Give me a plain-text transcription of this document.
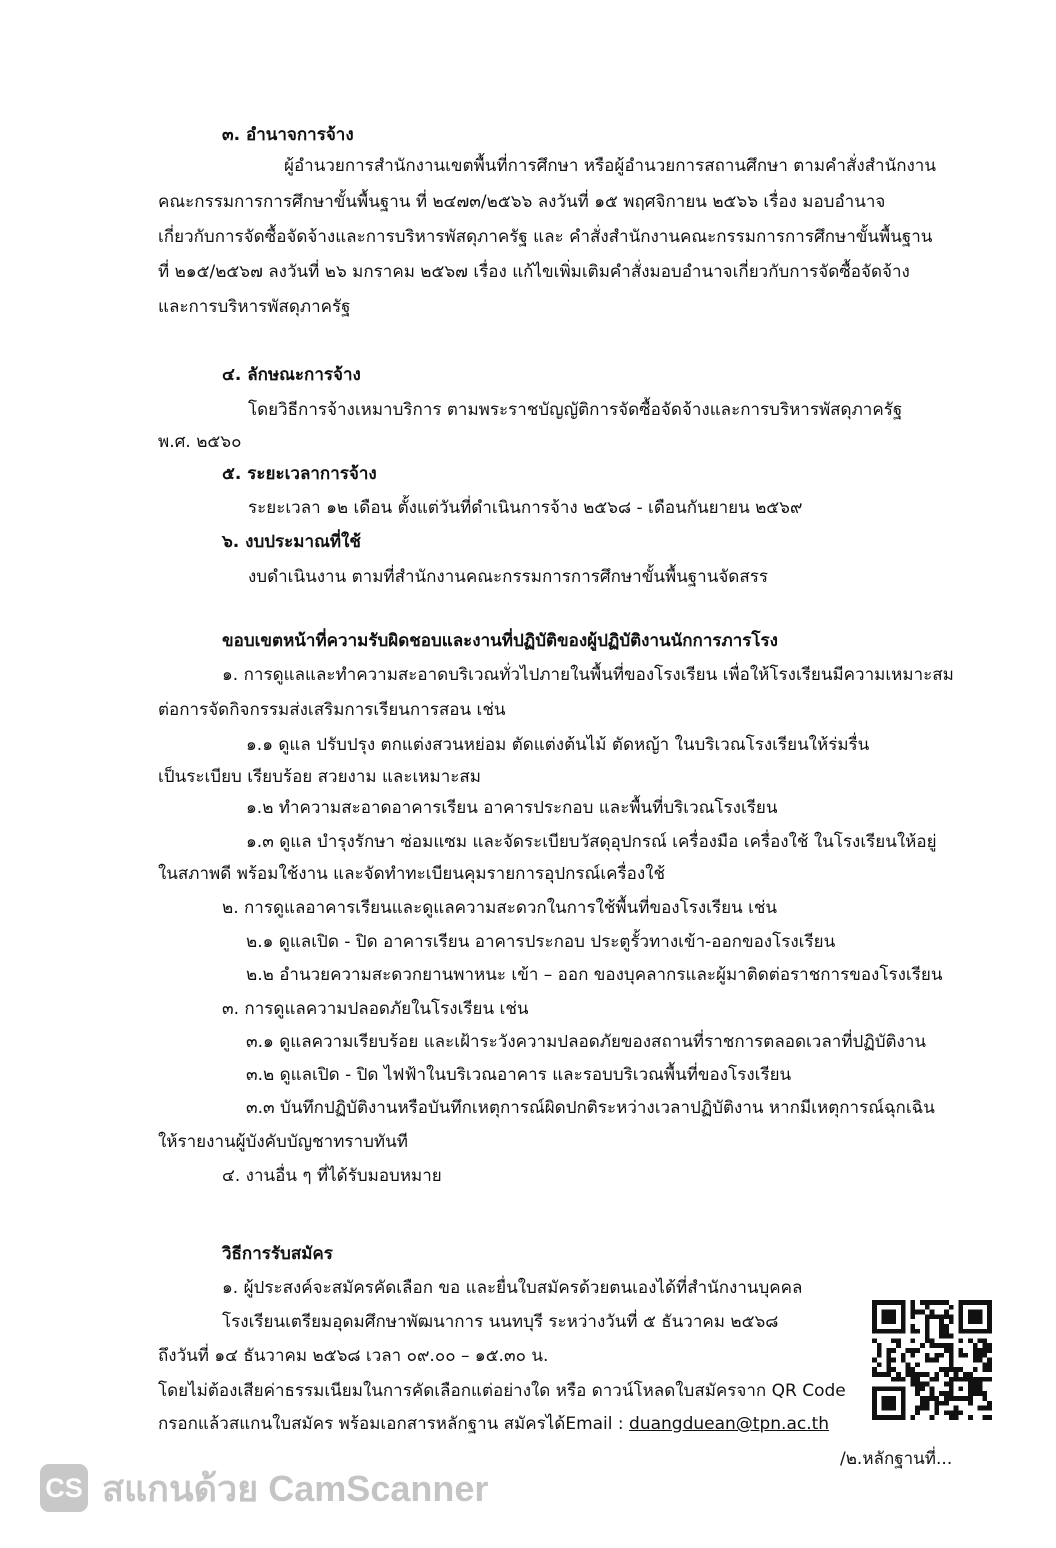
๓. อำนาจการจ้าง
ผู้อำนวยการสำนักงานเขตพื้นที่การศึกษา หรือผู้อำนวยการสถานศึกษา ตามคำสั่งสำนักงาน
คณะกรรมการการศึกษาขั้นพื้นฐาน ที่ ๒๔๗๓/๒๕๖๖ ลงวันที่ ๑๕ พฤศจิกายน ๒๕๖๖ เรื่อง มอบอำนาจ
เกี่ยวกับการจัดซื้อจัดจ้างและการบริหารพัสดุภาครัฐ และ คำสั่งสำนักงานคณะกรรมการการศึกษาขั้นพื้นฐาน
ที่ ๒๑๕/๒๕๖๗ ลงวันที่ ๒๖ มกราคม ๒๕๖๗ เรื่อง แก้ไขเพิ่มเติมคำสั่งมอบอำนาจเกี่ยวกับการจัดซื้อจัดจ้าง
และการบริหารพัสดุภาครัฐ
๔. ลักษณะการจ้าง
โดยวิธีการจ้างเหมาบริการ ตามพระราชบัญญัติการจัดซื้อจัดจ้างและการบริหารพัสดุภาครัฐ
พ.ศ. ๒๕๖๐
๕. ระยะเวลาการจ้าง
ระยะเวลา ๑๒ เดือน ตั้งแต่วันที่ดำเนินการจ้าง ๒๕๖๘ - เดือนกันยายน ๒๕๖๙
๖. งบประมาณที่ใช้
งบดำเนินงาน ตามที่สำนักงานคณะกรรมการการศึกษาขั้นพื้นฐานจัดสรร
ขอบเขตหน้าที่ความรับผิดชอบและงานที่ปฏิบัติของผู้ปฏิบัติงานนักการภารโรง
๑. การดูแลและทำความสะอาดบริเวณทั่วไปภายในพื้นที่ของโรงเรียน เพื่อให้โรงเรียนมีความเหมาะสม
ต่อการจัดกิจกรรมส่งเสริมการเรียนการสอน เช่น
๑.๑ ดูแล ปรับปรุง ตกแต่งสวนหย่อม ตัดแต่งต้นไม้ ตัดหญ้า ในบริเวณโรงเรียนให้ร่มรื่น
เป็นระเบียบ เรียบร้อย สวยงาม และเหมาะสม
๑.๒ ทำความสะอาดอาคารเรียน อาคารประกอบ และพื้นที่บริเวณโรงเรียน
๑.๓ ดูแล บำรุงรักษา ซ่อมแซม และจัดระเบียบวัสดุอุปกรณ์ เครื่องมือ เครื่องใช้ ในโรงเรียนให้อยู่
ในสภาพดี พร้อมใช้งาน และจัดทำทะเบียนคุมรายการอุปกรณ์เครื่องใช้
๒. การดูแลอาคารเรียนและดูแลความสะดวกในการใช้พื้นที่ของโรงเรียน เช่น
๒.๑ ดูแลเปิด - ปิด อาคารเรียน อาคารประกอบ ประตูรั้วทางเข้า-ออกของโรงเรียน
๒.๒ อำนวยความสะดวกยานพาหนะ เข้า – ออก ของบุคลากรและผู้มาติดต่อราชการของโรงเรียน
๓. การดูแลความปลอดภัยในโรงเรียน เช่น
๓.๑ ดูแลความเรียบร้อย และเฝ้าระวังความปลอดภัยของสถานที่ราชการตลอดเวลาที่ปฏิบัติงาน
๓.๒ ดูแลเปิด - ปิด ไฟฟ้าในบริเวณอาคาร และรอบบริเวณพื้นที่ของโรงเรียน
๓.๓ บันทึกปฏิบัติงานหรือบันทึกเหตุการณ์ผิดปกติระหว่างเวลาปฏิบัติงาน หากมีเหตุการณ์ฉุกเฉิน
ให้รายงานผู้บังคับบัญชาทราบทันที
๔. งานอื่น ๆ ที่ได้รับมอบหมาย
วิธีการรับสมัคร
๑. ผู้ประสงค์จะสมัครคัดเลือก ขอ และยื่นใบสมัครด้วยตนเองได้ที่สำนักงานบุคคล
โรงเรียนเตรียมอุดมศึกษาพัฒนาการ นนทบุรี ระหว่างวันที่ ๕ ธันวาคม ๒๕๖๘
ถึงวันที่ ๑๔ ธันวาคม ๒๕๖๘ เวลา ๐๙.๐๐ – ๑๕.๓๐ น.
โดยไม่ต้องเสียค่าธรรมเนียมในการคัดเลือกแต่อย่างใด หรือ ดาวน์โหลดใบสมัครจาก QR Code
กรอกแล้วสแกนใบสมัคร พร้อมเอกสารหลักฐาน สมัครได้Email : duangduean@tpn.ac.th
/๒.หลักฐานที่...
CS สแกนด้วย CamScanner
